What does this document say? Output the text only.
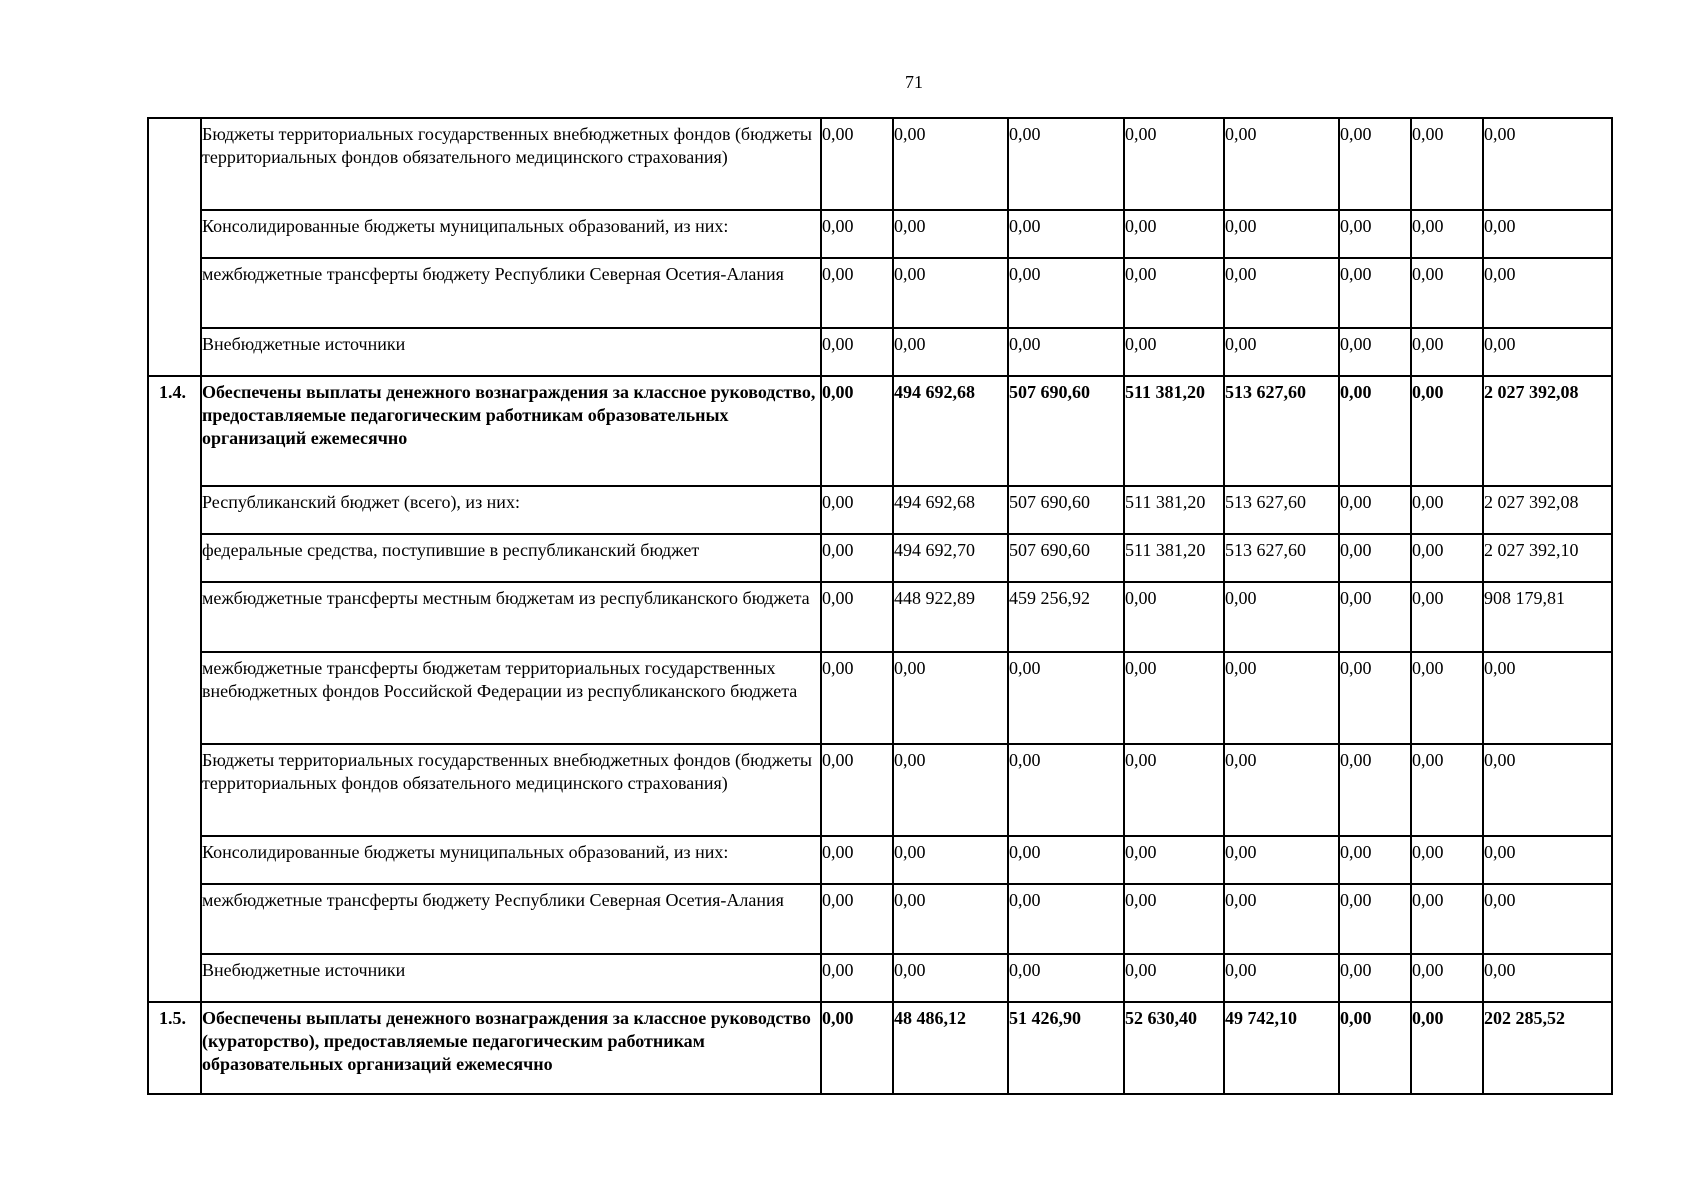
71
	Бюджеты территориальных государственных внебюджетных фондов (бюджеты территориальных фондов обязательного медицинского страхования)	0,00	0,00	0,00	0,00	0,00	0,00	0,00	0,00
	Консолидированные бюджеты муниципальных образований, из них:	0,00	0,00	0,00	0,00	0,00	0,00	0,00	0,00
	межбюджетные трансферты бюджету Республики Северная Осетия-Алания	0,00	0,00	0,00	0,00	0,00	0,00	0,00	0,00
	Внебюджетные источники	0,00	0,00	0,00	0,00	0,00	0,00	0,00	0,00
1.4.	Обеспечены выплаты денежного вознаграждения за классное руководство, предоставляемые педагогическим работникам образовательных организаций ежемесячно	0,00	494 692,68	507 690,60	511 381,20	513 627,60	0,00	0,00	2 027 392,08
	Республиканский бюджет (всего), из них:	0,00	494 692,68	507 690,60	511 381,20	513 627,60	0,00	0,00	2 027 392,08
	федеральные средства, поступившие в республиканский бюджет	0,00	494 692,70	507 690,60	511 381,20	513 627,60	0,00	0,00	2 027 392,10
	межбюджетные трансферты местным бюджетам из республиканского бюджета	0,00	448 922,89	459 256,92	0,00	0,00	0,00	0,00	908 179,81
	межбюджетные трансферты бюджетам территориальных государственных внебюджетных фондов Российской Федерации из республиканского бюджета	0,00	0,00	0,00	0,00	0,00	0,00	0,00	0,00
	Бюджеты территориальных государственных внебюджетных фондов (бюджеты территориальных фондов обязательного медицинского страхования)	0,00	0,00	0,00	0,00	0,00	0,00	0,00	0,00
	Консолидированные бюджеты муниципальных образований, из них:	0,00	0,00	0,00	0,00	0,00	0,00	0,00	0,00
	межбюджетные трансферты бюджету Республики Северная Осетия-Алания	0,00	0,00	0,00	0,00	0,00	0,00	0,00	0,00
	Внебюджетные источники	0,00	0,00	0,00	0,00	0,00	0,00	0,00	0,00
1.5.	Обеспечены выплаты денежного вознаграждения за классное руководство (кураторство), предоставляемые педагогическим работникам образовательных организаций ежемесячно	0,00	48 486,12	51 426,90	52 630,40	49 742,10	0,00	0,00	202 285,52
